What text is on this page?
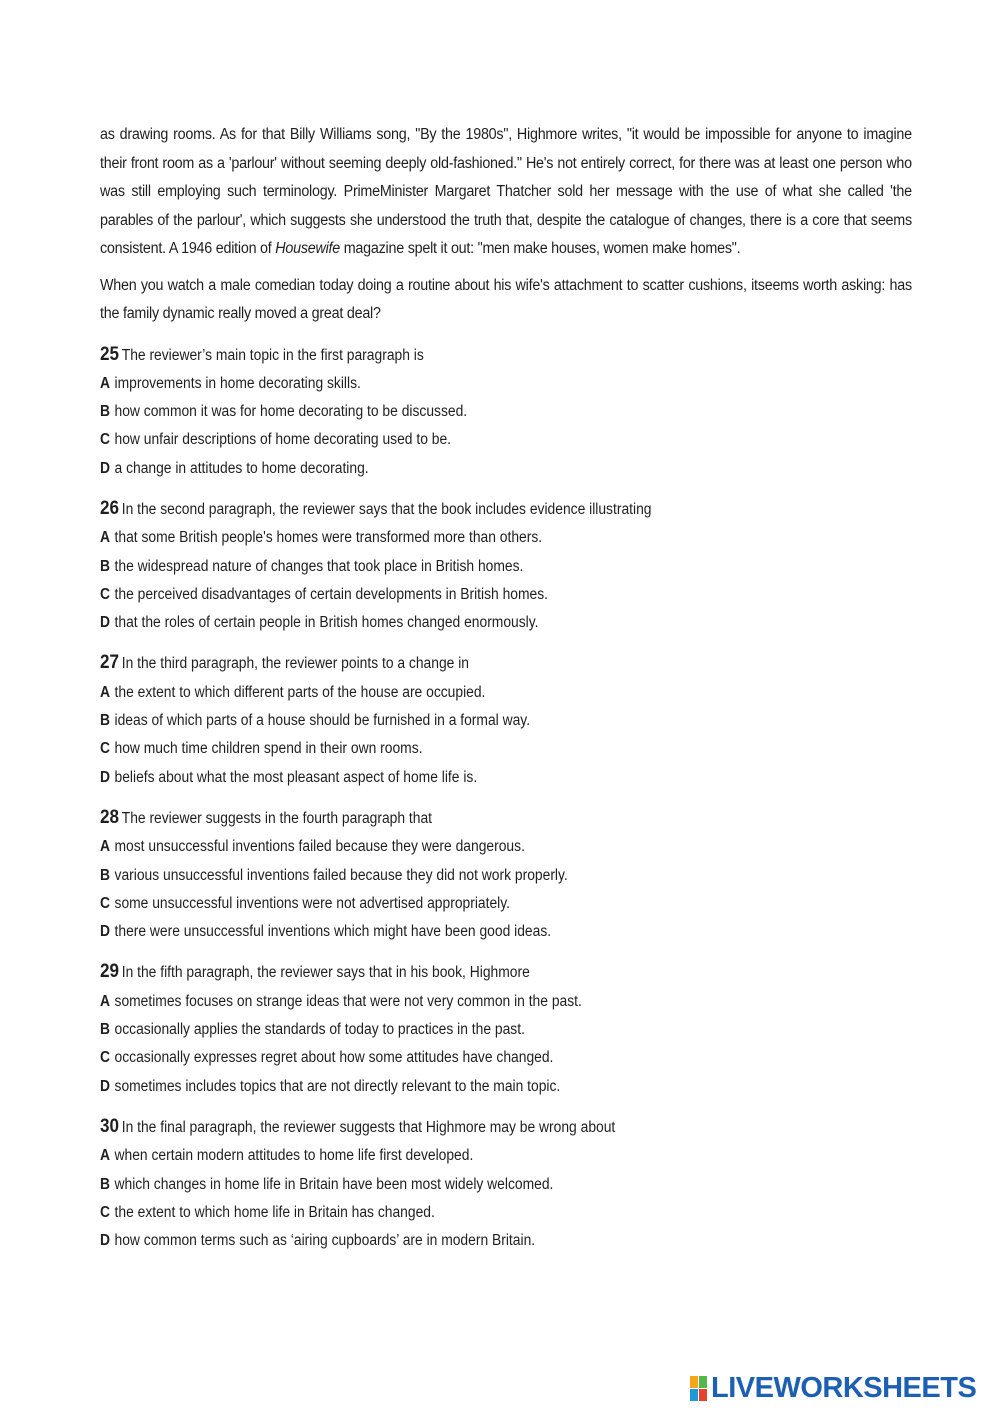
as drawing rooms. As for that Billy Williams song, "By the 1980s", Highmore writes, "it would be impossible for anyone to imagine their front room as a 'parlour' without seeming deeply old-fashioned." He's not entirely correct, for there was at least one person who was still employing such terminology. PrimeMinister Margaret Thatcher sold her message with the use of what she called 'the parables of the parlour', which suggests she understood the truth that, despite the catalogue of changes, there is a core that seems consistent. A 1946 edition of Housewife magazine spelt it out: "men make houses, women make homes".

When you watch a male comedian today doing a routine about his wife's attachment to scatter cushions, itseems worth asking: has the family dynamic really moved a great deal?

25 The reviewer’s main topic in the first paragraph is
A improvements in home decorating skills.
B how common it was for home decorating to be discussed.
C how unfair descriptions of home decorating used to be.
D a change in attitudes to home decorating.
26 In the second paragraph, the reviewer says that the book includes evidence illustrating
A that some British people's homes were transformed more than others.
B the widespread nature of changes that took place in British homes.
C the perceived disadvantages of certain developments in British homes.
D that the roles of certain people in British homes changed enormously.
27 In the third paragraph, the reviewer points to a change in
A the extent to which different parts of the house are occupied.
B ideas of which parts of a house should be furnished in a formal way.
C how much time children spend in their own rooms.
D beliefs about what the most pleasant aspect of home life is.
28 The reviewer suggests in the fourth paragraph that
A most unsuccessful inventions failed because they were dangerous.
B various unsuccessful inventions failed because they did not work properly.
C some unsuccessful inventions were not advertised appropriately.
D there were unsuccessful inventions which might have been good ideas.
29 In the fifth paragraph, the reviewer says that in his book, Highmore
A sometimes focuses on strange ideas that were not very common in the past.
B occasionally applies the standards of today to practices in the past.
C occasionally expresses regret about how some attitudes have changed.
D sometimes includes topics that are not directly relevant to the main topic.
30 In the final paragraph, the reviewer suggests that Highmore may be wrong about
A when certain modern attitudes to home life first developed.
B which changes in home life in Britain have been most widely welcomed.
C the extent to which home life in Britain has changed.
D how common terms such as ‘airing cupboards’ are in modern Britain.
LIVEWORKSHEETS
